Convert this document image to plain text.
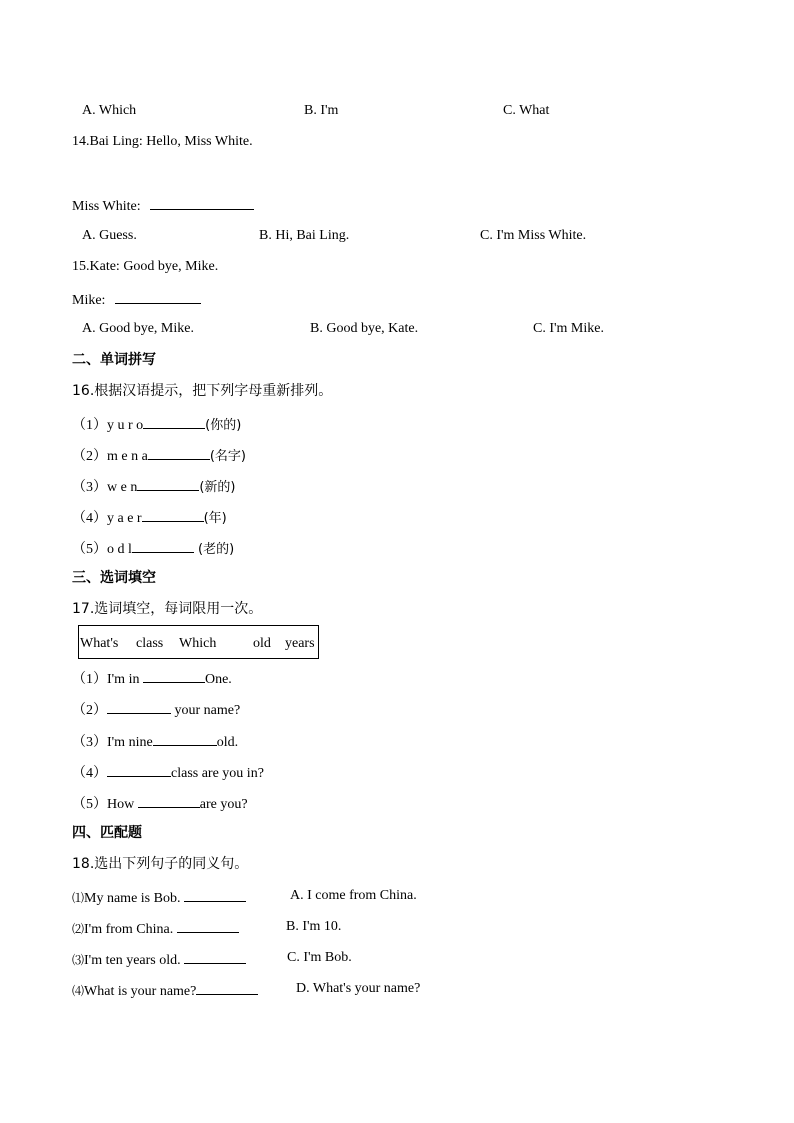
A. Which	B. I'm	C. What
14.Bai Ling: Hello, Miss White.
Miss White:
A. Guess.	B. Hi, Bai Ling.	C. I'm Miss White.
15.Kate: Good bye, Mike.
Mike:
A. Good bye, Mike.	B. Good bye, Kate.	C. I'm Mike.
二、单词拼写
16.根据汉语提示，把下列字母重新排列。
（1）y u r o	(你的)
（2）m e n a	(名字)
（3）w e n	(新的)
（4）y a e r	(年)
（5）o d l	(老的)
三、选词填空
17.选词填空，每词限用一次。
What's class Which	old years
（1）I'm in	One.
（2）	your name?
（3）I'm nine	old.
（4）	class are you in?
（5）How	are you?
四、匹配题
18.选出下列句子的同义句。
⑴My name is Bob.	A. I come from China.
⑵I'm from China.	B. I'm 10.
⑶I'm ten years old.	C. I'm Bob.
⑷What is your name?	D. What's your name?
